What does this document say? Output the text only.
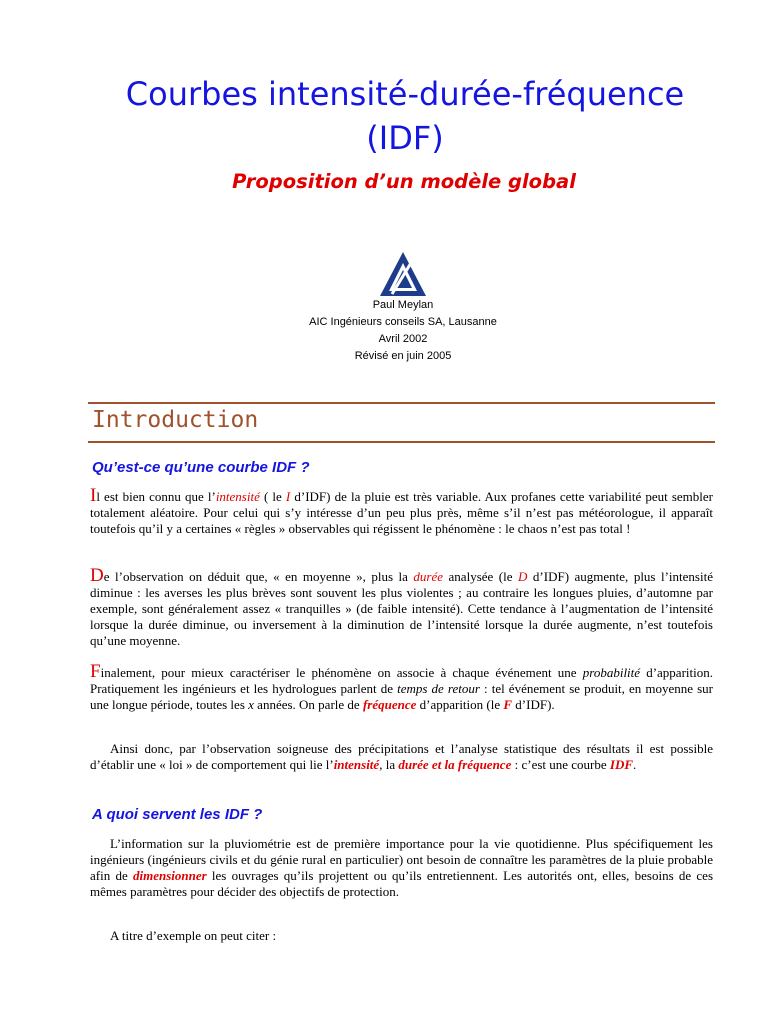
Courbes intensité-durée-fréquence
(IDF)
Proposition d’un modèle global
Paul Meylan
AIC Ingénieurs conseils SA, Lausanne
Avril 2002
Révisé en juin 2005
Introduction
Qu’est-ce qu’une courbe IDF ?

Il est bien connu que l’intensité ( le I d’IDF) de la pluie est très variable. Aux profanes cette variabilité peut sembler totalement aléatoire. Pour celui qui s’y intéresse d’un peu plus près, même s’il n’est pas météorologue, il apparaît toutefois qu’il y a certaines « règles » observables qui régissent le phénomène : le chaos n’est pas total !

De l’observation on déduit que, « en moyenne », plus la durée analysée (le D d’IDF) augmente, plus l’intensité diminue : les averses les plus brèves sont souvent les plus violentes ; au contraire les longues pluies, d’automne par exemple, sont généralement assez « tranquilles » (de faible intensité). Cette tendance à l’augmentation de l’intensité lorsque la durée diminue, ou inversement à la diminution de l’intensité lorsque la durée augmente, n’est toutefois qu’une moyenne.

Finalement, pour mieux caractériser le phénomène on associe à chaque événement une probabilité d’apparition. Pratiquement les ingénieurs et les hydrologues parlent de temps de retour : tel événement se produit, en moyenne sur une longue période, toutes les x années. On parle de fréquence d’apparition (le F d’IDF).

Ainsi donc, par l’observation soigneuse des précipitations et l’analyse statistique des résultats il est possible d’établir une « loi » de comportement qui lie l’intensité, la durée et la fréquence : c’est une courbe IDF.

A quoi servent les IDF ?

L’information sur la pluviométrie est de première importance pour la vie quotidienne. Plus spécifiquement les ingénieurs (ingénieurs civils et du génie rural en particulier) ont besoin de connaître les paramètres de la pluie probable afin de dimensionner les ouvrages qu’ils projettent ou qu’ils entretiennent. Les autorités ont, elles, besoins de ces mêmes paramètres pour décider des objectifs de protection.

A titre d’exemple on peut citer :
